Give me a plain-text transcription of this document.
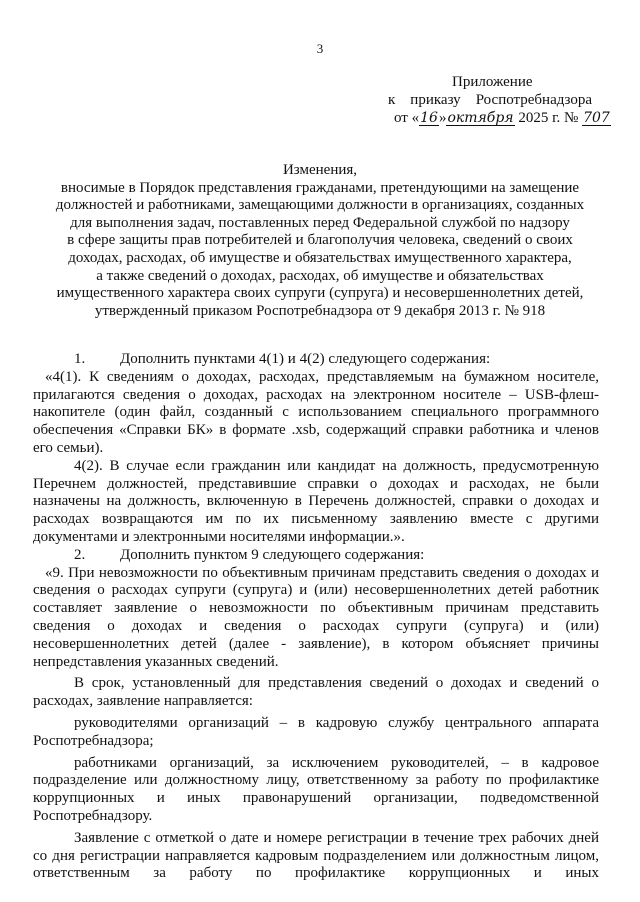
3
Приложение
к приказу Роспотребнадзора
от «16»октября 2025 г. № 707
Изменения,
вносимые в Порядок представления гражданами, претендующими на замещение
должностей и работниками, замещающими должности в организациях, созданных
для выполнения задач, поставленных перед Федеральной службой по надзору
в сфере защиты прав потребителей и благополучия человека, сведений о своих
доходах, расходах, об имуществе и обязательствах имущественного характера,
а также сведений о доходах, расходах, об имуществе и обязательствах
имущественного характера своих супруги (супруга) и несовершеннолетних детей,
утвержденный приказом Роспотребнадзора от 9 декабря 2013 г. № 918
1.	Дополнить пунктами 4(1) и 4(2) следующего содержания:

«4(1). К сведениям о доходах, расходах, представляемым на бумажном носителе, прилагаются сведения о доходах, расходах на электронном носителе – USB-флеш-накопителе (один файл, созданный с использованием специального программного обеспечения «Справки БК» в формате .xsb, содержащий справки работника и членов его семьи).

4(2). В случае если гражданин или кандидат на должность, предусмотренную Перечнем должностей, представившие справки о доходах и расходах, не были назначены на должность, включенную в Перечень должностей, справки о доходах и расходах возвращаются им по их письменному заявлению вместе с другими документами и электронными носителями информации.».

2.	Дополнить пунктом 9 следующего содержания:

«9. При невозможности по объективным причинам представить сведения о доходах и сведения о расходах супруги (супруга) и (или) несовершеннолетних детей работник составляет заявление о невозможности по объективным причинам представить сведения о доходах и сведения о расходах супруги (супруга) и (или) несовершеннолетних детей (далее - заявление), в котором объясняет причины непредставления указанных сведений.

В срок, установленный для представления сведений о доходах и сведений о расходах, заявление направляется:

руководителями организаций – в кадровую службу центрального аппарата Роспотребнадзора;

работниками организаций, за исключением руководителей, – в кадровое подразделение или должностному лицу, ответственному за работу по профилактике коррупционных и иных правонарушений организации, подведомственной Роспотребнадзору.

Заявление с отметкой о дате и номере регистрации в течение трех рабочих дней со дня регистрации направляется кадровым подразделением или должностным лицом, ответственным за работу по профилактике коррупционных и иных
